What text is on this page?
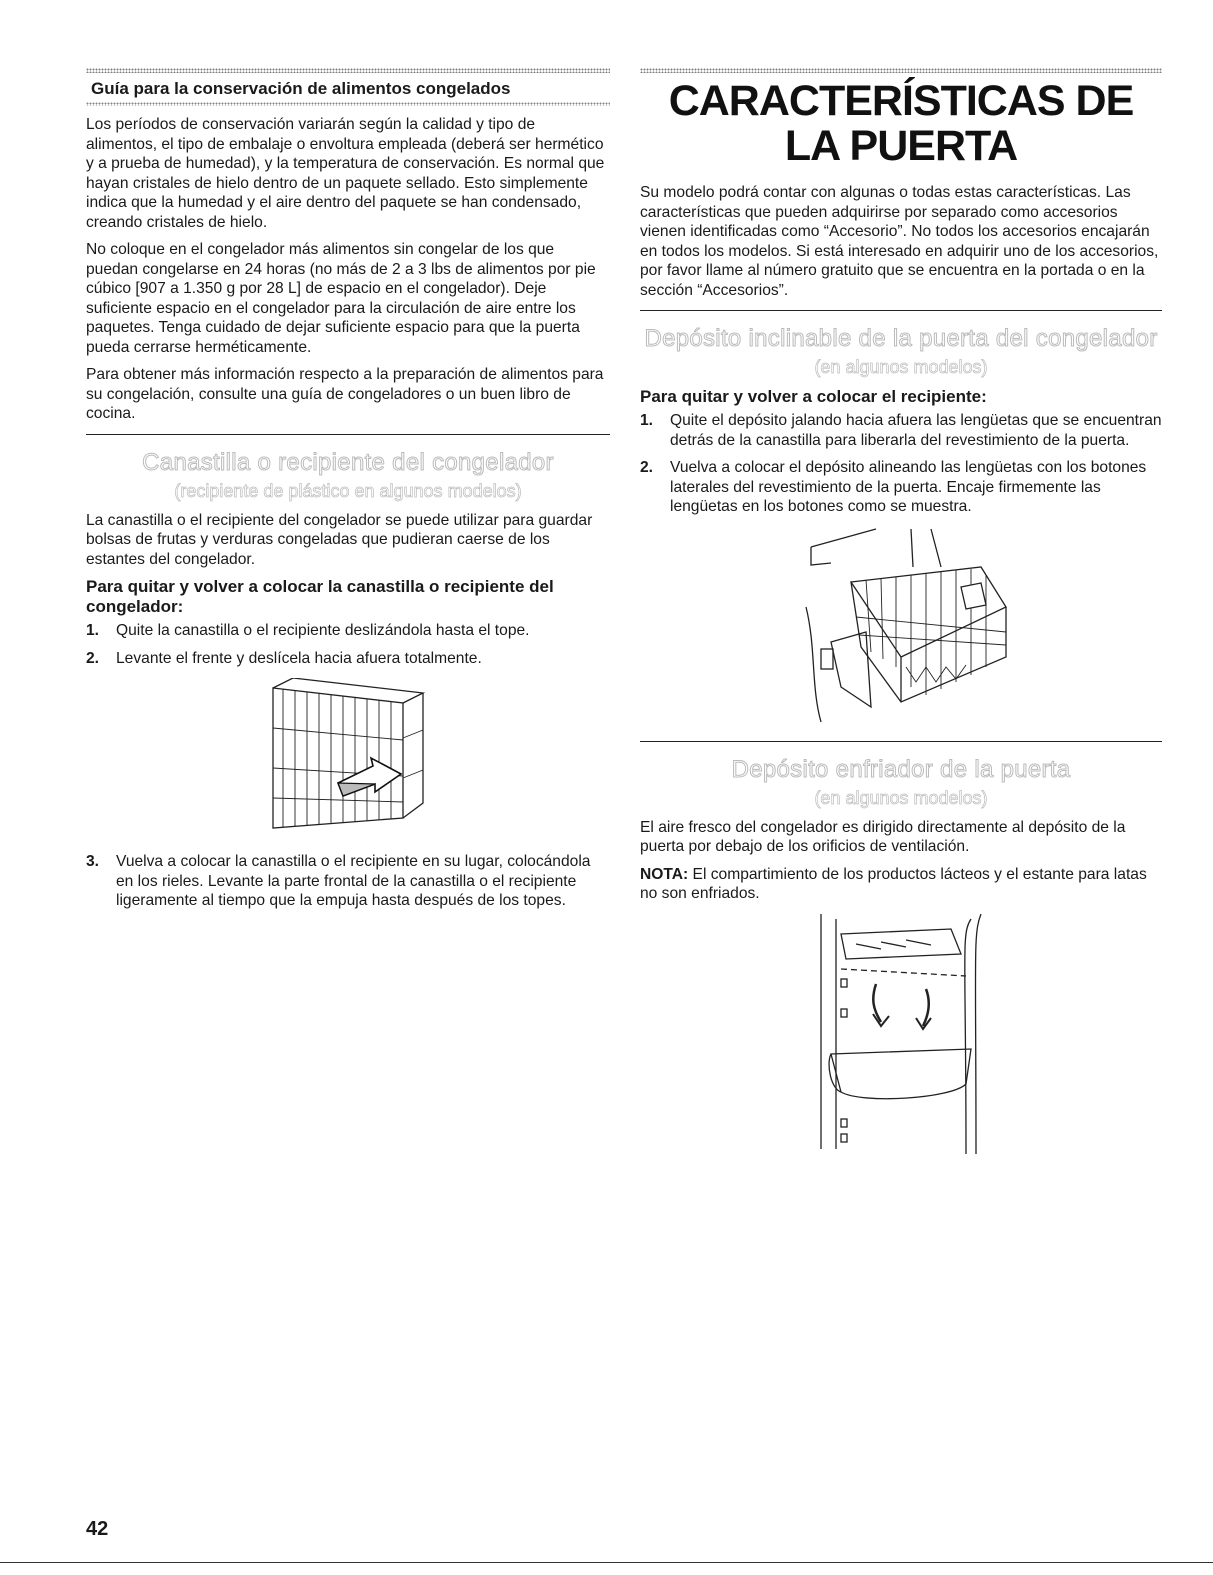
Guía para la conservación de alimentos congelados

Los períodos de conservación variarán según la calidad y tipo de alimentos, el tipo de embalaje o envoltura empleada (deberá ser hermético y a prueba de humedad), y la temperatura de conservación. Es normal que hayan cristales de hielo dentro de un paquete sellado. Esto simplemente indica que la humedad y el aire dentro del paquete se han condensado, creando cristales de hielo.

No coloque en el congelador más alimentos sin congelar de los que puedan congelarse en 24 horas (no más de 2 a 3 lbs de alimentos por pie cúbico [907 a 1.350 g por 28 L] de espacio en el congelador). Deje suficiente espacio en el congelador para la circulación de aire entre los paquetes. Tenga cuidado de dejar suficiente espacio para que la puerta pueda cerrarse herméticamente.

Para obtener más información respecto a la preparación de alimentos para su congelación, consulte una guía de congeladores o un buen libro de cocina.

Canastilla o recipiente del congelador
(recipiente de plástico en algunos modelos)

La canastilla o el recipiente del congelador se puede utilizar para guardar bolsas de frutas y verduras congeladas que pudieran caerse de los estantes del congelador.

Para quitar y volver a colocar la canastilla o recipiente del congelador:
1. Quite la canastilla o el recipiente deslizándola hasta el tope.
2. Levante el frente y deslícela hacia afuera totalmente.
3. Vuelva a colocar la canastilla o el recipiente en su lugar, colocándola en los rieles. Levante la parte frontal de la canastilla o el recipiente ligeramente al tiempo que la empuja hasta después de los topes.
CARACTERÍSTICAS DE
LA PUERTA

Su modelo podrá contar con algunas o todas estas características. Las características que pueden adquirirse por separado como accesorios vienen identificadas como “Accesorio”. No todos los accesorios encajarán en todos los modelos. Si está interesado en adquirir uno de los accesorios, por favor llame al número gratuito que se encuentra en la portada o en la sección “Accesorios”.

Depósito inclinable de la puerta del congelador
(en algunos modelos)
Para quitar y volver a colocar el recipiente:
1. Quite el depósito jalando hacia afuera las lengüetas que se encuentran detrás de la canastilla para liberarla del revestimiento de la puerta.
2. Vuelva a colocar el depósito alineando las lengüetas con los botones laterales del revestimiento de la puerta. Encaje firmemente las lengüetas en los botones como se muestra.
Depósito enfriador de la puerta
(en algunos modelos)

El aire fresco del congelador es dirigido directamente al depósito de la puerta por debajo de los orificios de ventilación.

NOTA: El compartimiento de los productos lácteos y el estante para latas no son enfriados.

42
